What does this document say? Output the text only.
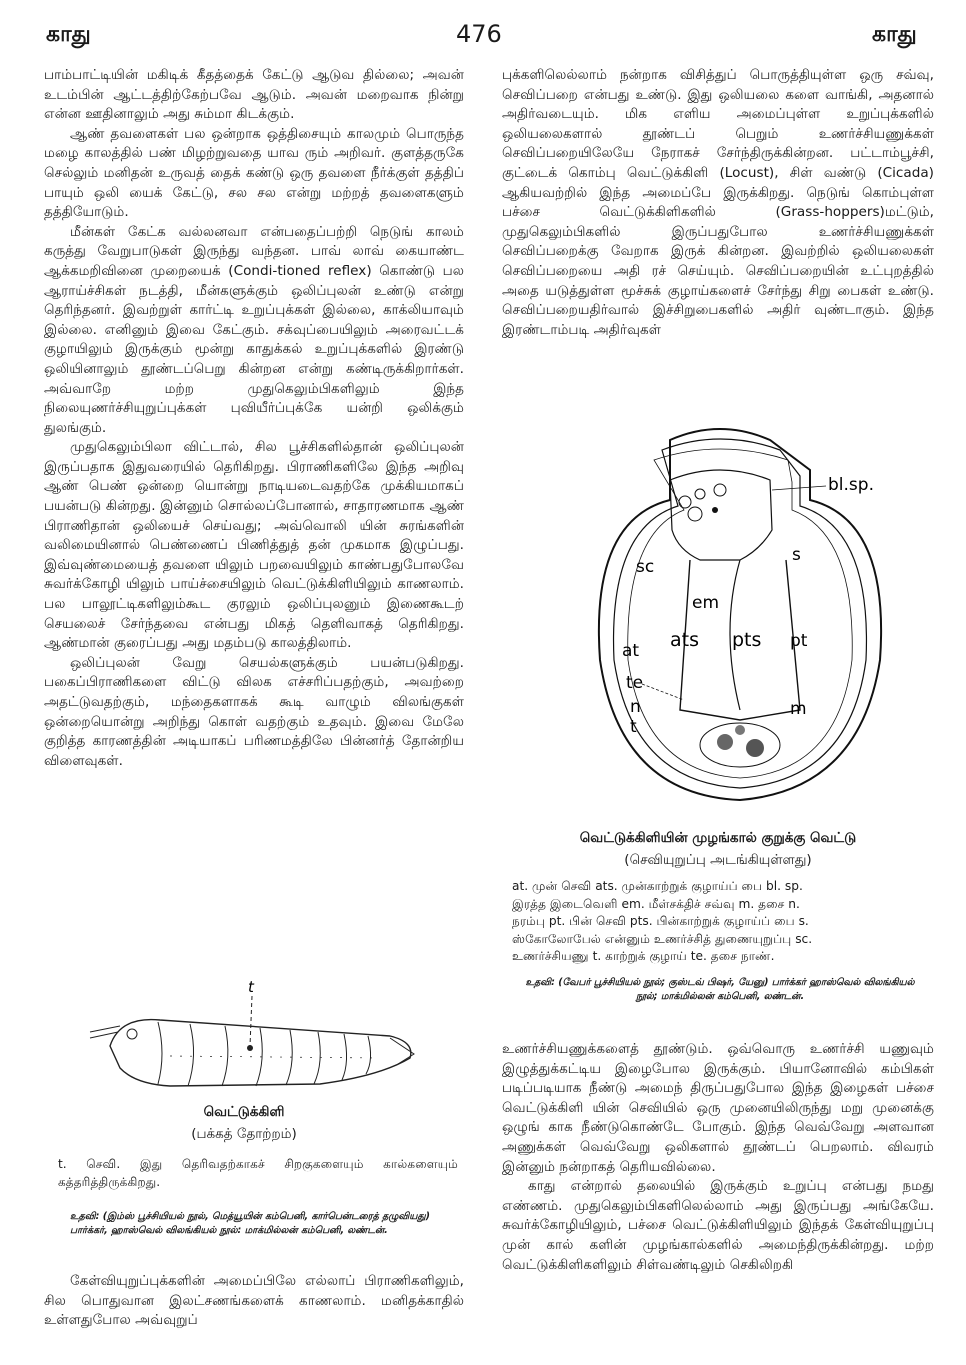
காது	476	காது

பாம்பாட்டியின் மகிடிக் கீதத்தைக் கேட்டு ஆடுவ தில்லை; அவன் உடம்பின் ஆட்டத்திற்கேற்பவே ஆடும். அவன் மறைவாக நின்று என்ன ஊதினாலும் அது சும்மா கிடக்கும்.

ஆண் தவளைகள் பல ஒன்றாக ஒத்திசையும் காலமும் பொருந்த மழை காலத்தில் பண் மிழற்றுவதை யாவ ரும் அறிவர். குளத்தருகே செல்லும் மனிதன் உருவத் தைக் கண்டு ஒரு தவளை நீர்க்குள் தத்திப் பாயும் ஒலி யைக் கேட்டு, சல சல என்று மற்றத் தவளைகளும் தத்தியோடும்.

மீன்கள் கேட்க வல்லனவா என்பதைப்பற்றி நெடுங் காலம் கருத்து வேறுபாடுகள் இருந்து வந்தன. பாவ் லாவ் கையாண்ட ஆக்கமறிவினை முறையைக் (Condi-tioned reflex) கொண்டு பல ஆராய்ச்சிகள் நடத்தி, மீன்களுக்கும் ஒலிப்புலன் உண்டு என்று தெரிந்தனர். இவற்றுள் கார்ட்டி உறுப்புக்கள் இல்லை, காக்லியாவும் இல்லை. எனினும் இவை கேட்கும். சக்வுப்பையிலும் அரைவட்டக் குழாயிலும் இருக்கும் மூன்று காதுக்கல் உறுப்புக்களில் இரண்டு ஒலியினாலும் தூண்டப்பெறு கின்றன என்று கண்டிருக்கிறார்கள். அவ்வாறே மற்ற முதுகெலும்பிகளிலும் இந்த நிலையுணர்ச்சியுறுப்புக்கள் புவியீர்ப்புக்கே யன்றி ஒலிக்கும் துலங்கும்.

முதுகெலும்பிலா விட்டால், சில பூச்சிகளில்தான் ஒலிப்புலன் இருப்பதாக இதுவரையில் தெரிகிறது. பிராணிகளிலே இந்த அறிவு ஆண் பெண் ஒன்றை யொன்று நாடியடைவதற்கே முக்கியமாகப் பயன்படு கின்றது. இன்னும் சொல்லப்போனால், சாதாரணமாக ஆண் பிராணிதான் ஒலியைச் செய்வது; அவ்வொலி யின் சுரங்களின் வலிமையினால் பெண்ணைப் பிணித்துத் தன் முகமாக இழுப்பது. இவ்வுண்மையைத் தவளை யிலும் பறவையிலும் காண்பதுபோலவே சுவர்க்கோழி யிலும் பாய்ச்சையிலும் வெட்டுக்கிளியிலும் காணலாம். பல பாலூட்டிகளிலும்கூட குரலும் ஒலிப்புலனும் இணைகூடற் செயலைச் சேர்ந்தவை என்பது மிகத் தெளிவாகத் தெரிகிறது. ஆண்மான் குரைப்பது அது மதம்படு காலத்திலாம்.

ஒலிப்புலன் வேறு செயல்களுக்கும் பயன்படுகிறது. பகைப்பிராணிகளை விட்டு விலக எச்சரிப்பதற்கும், அவற்றை அதட்டுவதற்கும், மந்தைகளாகக் கூடி வாழும் விலங்குகள் ஒன்றையொன்று அறிந்து கொள் வதற்கும் உதவும். இவை மேலே குறித்த காரணத்தின் அடியாகப் பரிணமத்திலே பின்னர்த் தோன்றிய விளைவுகள்.

t
வெட்டுக்கிளி
(பக்கத் தோற்றம்)
t. செவி. இது தெரிவதற்காகச் சிறகுகளையும் கால்களையும் கத்தரித்திருக்கிறது.
உதவி: (இம்ஸ் பூச்சியியல் நூல், மெத்யூயின் கம்பெனி, கார்பென்டரைத் தழுவியது) பார்க்கர், ஹாஸ்வெல் விலங்கியல் நூல்: மாக்மில்லன் கம்பெனி, லண்டன்.

கேள்வியுறுப்புக்களின் அமைப்பிலே எல்லாப் பிராணிகளிலும், சில பொதுவான இலட்சணங்களைக் காணலாம். மனிதக்காதில் உள்ளதுபோல அவ்வுறுப்

புக்களிலெல்லாம் நன்றாக விசித்துப் பொருத்தியுள்ள ஒரு சவ்வு, செவிப்பறை என்பது உண்டு. இது ஒலியலை களை வாங்கி, அதனால் அதிர்வடையும். மிக எளிய அமைப்புள்ள உறுப்புக்களில் ஒலியலைகளால் தூண்டப் பெறும் உணர்ச்சியணுக்கள் செவிப்பறையிலேயே நேராகச் சேர்ந்திருக்கின்றன. பட்டாம்பூச்சி, குட்டைக் கொம்பு வெட்டுக்கிளி (Locust), சிள் வண்டு (Cicada) ஆகியவற்றில் இந்த அமைப்பே இருக்கிறது. நெடுங் கொம்புள்ள பச்சை வெட்டுக்கிளிகளில் (Grass-hoppers)மட்டும், முதுகெலும்பிகளில் இருப்பதுபோல உணர்ச்சியணுக்கள் செவிப்பறைக்கு வேறாக இருக் கின்றன. இவற்றில் ஒலியலைகள் செவிப்பறையை அதி ரச் செய்யும். செவிப்பறையின் உட்புறத்தில் அதை யடுத்துள்ள மூச்சுக் குழாய்களைச் சேர்ந்து சிறு பைகள் உண்டு. செவிப்பறையதிர்வால் இச்சிறுபைகளில் அதிர் வுண்டாகும். இந்த இரண்டாம்படி அதிர்வுகள்

bl.sp.
s
sc
em
ats pts pt
at
te
n	m
t
வெட்டுக்கிளியின் முழங்கால் குறுக்கு வெட்டு
(செவியுறுப்பு அடங்கியுள்ளது)
at. முன் செவி ats. முன்காற்றுக் குழாய்ப் பை bl. sp.
இரத்த இடைவெளி em. மீள்சக்திச் சவ்வு m. தசை n.
நரம்பு pt. பின் செவி pts. பின்காற்றுக் குழாய்ப் பை s.
ஸ்கோலோபேல் என்னும் உணர்ச்சித் துணையுறுப்பு sc.
உணர்ச்சியணு t. காற்றுக் குழாய் te. தசை நாண்.
உதவி: (வேபர் பூச்சியியல் நூல்; குஸ்டவ் பிஷர், யேனு) பார்க்கர் ஹாஸ்வெல் விலங்கியல் நூல்; மாக்மில்லன் கம்பெனி, லண்டன்.

உணர்ச்சியணுக்களைத் தூண்டும். ஒவ்வொரு உணர்ச்சி யணுவும் இழுத்துக்கட்டிய இழைபோல இருக்கும். பியானோவில் கம்பிகள் படிப்படியாக நீண்டு அமைந் திருப்பதுபோல இந்த இழைகள் பச்சை வெட்டுக்கிளி யின் செவியில் ஒரு முனையிலிருந்து மறு முனைக்கு ஒழுங் காக நீண்டுகொண்டே போகும். இந்த வெவ்வேறு அளவான அணுக்கள் வெவ்வேறு ஒலிகளால் தூண்டப் பெறலாம். விவரம் இன்னும் நன்றாகத் தெரியவில்லை.

காது என்றால் தலையில் இருக்கும் உறுப்பு என்பது நமது எண்ணம். முதுகெலும்பிகளிலெல்லாம் அது இருப்பது அங்கேயே. சுவர்க்கோழியிலும், பச்சை வெட்டுக்கிளியிலும் இந்தக் கேள்வியுறுப்பு முன் கால் களின் முழங்கால்களில் அமைந்திருக்கின்றது. மற்ற வெட்டுக்கிளிகளிலும் சிள்வண்டிலும் செகிலிறகி
